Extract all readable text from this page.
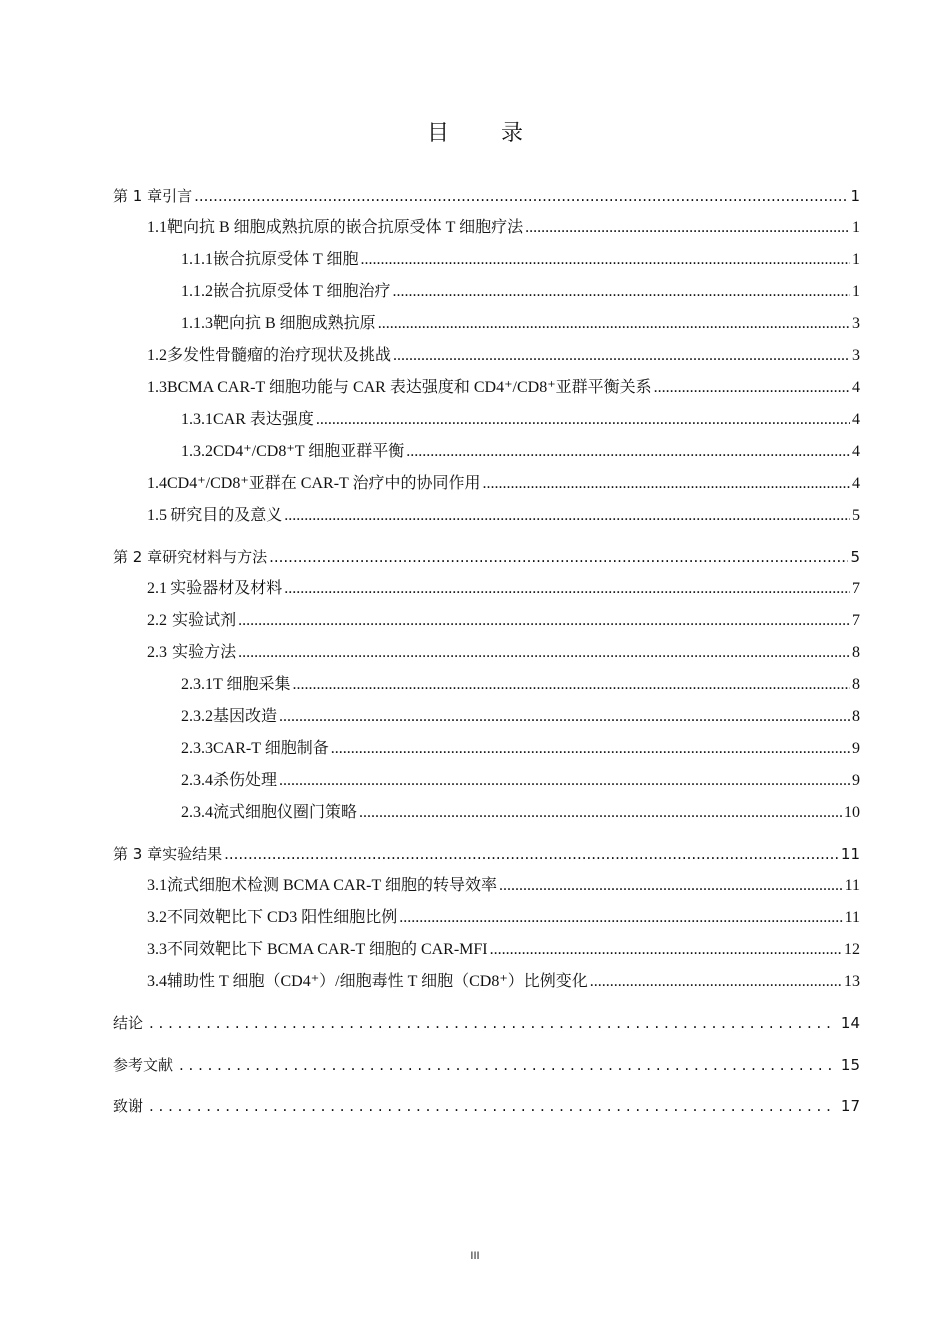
目 录
第 1 章 引言 .....	1
1.1 靶向抗 B 细胞成熟抗原的嵌合抗原受体 T 细胞疗法 .....	1
1.1.1 嵌合抗原受体 T 细胞 .....	1
1.1.2 嵌合抗原受体 T 细胞治疗 .....	1
1.1.3 靶向抗 B 细胞成熟抗原 .....	3
1.2 多发性骨髓瘤的治疗现状及挑战 .....	3
1.3 BCMA CAR-T 细胞功能与 CAR 表达强度和 CD4⁺/CD8⁺亚群平衡关系 .....	4
1.3.1 CAR 表达强度 .....	4
1.3.2 CD4⁺/CD8⁺T 细胞亚群平衡 .....	4
1.4 CD4⁺/CD8⁺亚群在 CAR-T 治疗中的协同作用 .....	4
1.5 研究目的及意义 .....	5
第 2 章 研究材料与方法 .....	5
2.1 实验器材及材料 .....	7
2.2 实验试剂 .....	7
2.3 实验方法 .....	8
2.3.1 T 细胞采集 .....	8
2.3.2 基因改造 .....	8
2.3.3 CAR-T 细胞制备 .....	9
2.3.4 杀伤处理 .....	9
2.3.4 流式细胞仪圈门策略 .....	10
第 3 章 实验结果 .....	11
3.1 流式细胞术检测 BCMA CAR-T 细胞的转导效率 .....	11
3.2 不同效靶比下 CD3 阳性细胞比例 .....	11
3.3 不同效靶比下 BCMA CAR-T 细胞的 CAR-MFI .....	12
3.4 辅助性 T 细胞（CD4⁺）/细胞毒性 T 细胞（CD8⁺）比例变化 .....	13
结论 . . .	14
参考文献 . . .	15
致谢 . . .	17
III
